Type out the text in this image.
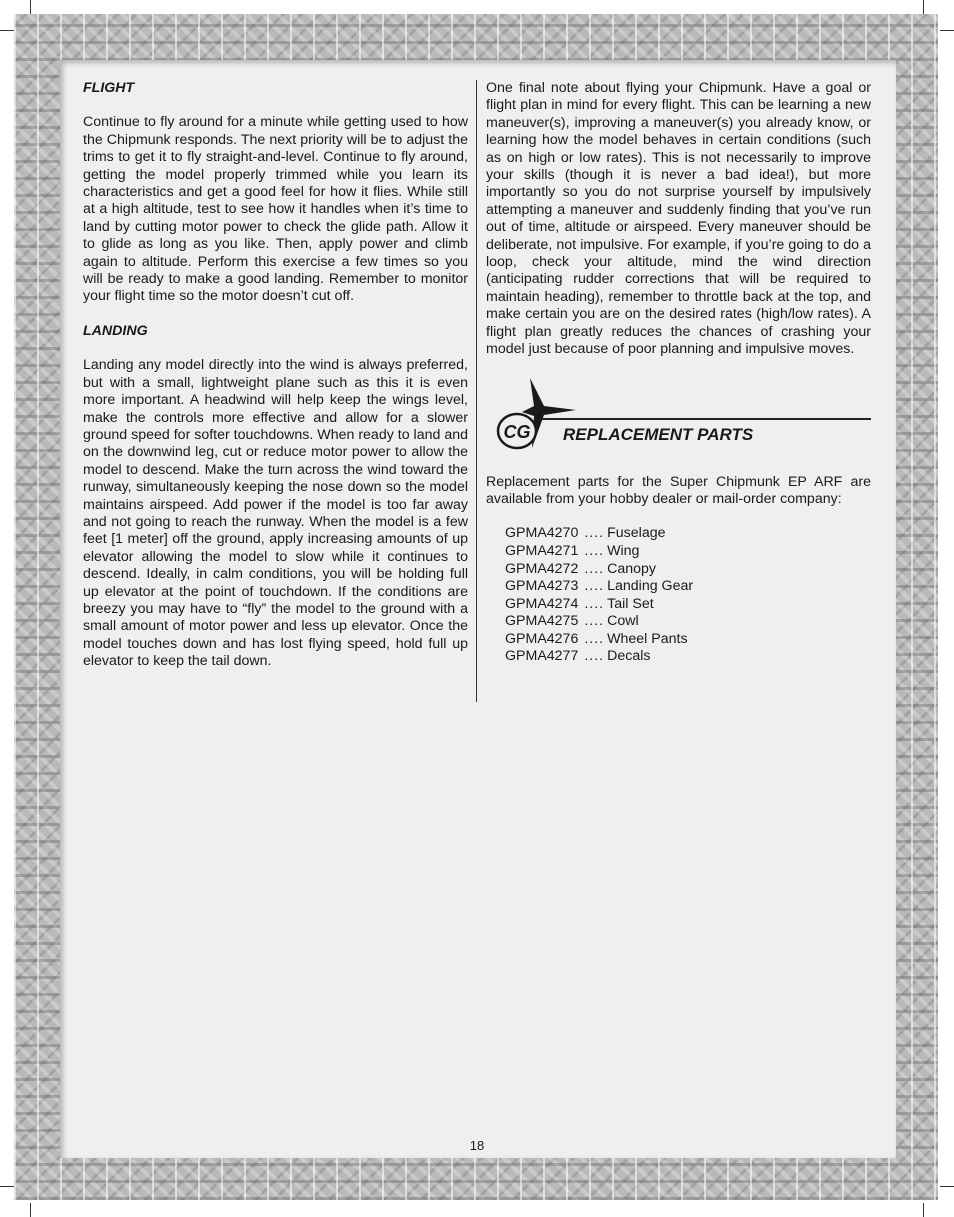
FLIGHT

Continue to fly around for a minute while getting used to how the Chipmunk responds. The next priority will be to adjust the trims to get it to fly straight-and-level. Continue to fly around, getting the model properly trimmed while you learn its characteristics and get a good feel for how it flies. While still at a high altitude, test to see how it handles when it’s time to land by cutting motor power to check the glide path. Allow it to glide as long as you like. Then, apply power and climb again to altitude. Perform this exercise a few times so you will be ready to make a good landing. Remember to monitor your flight time so the motor doesn’t cut off.

LANDING

Landing any model directly into the wind is always preferred, but with a small, lightweight plane such as this it is even more important. A headwind will help keep the wings level, make the controls more effective and allow for a slower ground speed for softer touchdowns. When ready to land and on the downwind leg, cut or reduce motor power to allow the model to descend. Make the turn across the wind toward the runway, simultaneously keeping the nose down so the model maintains airspeed. Add power if the model is too far away and not going to reach the runway. When the model is a few feet [1 meter] off the ground, apply increasing amounts of up elevator allowing the model to slow while it continues to descend. Ideally, in calm conditions, you will be holding full up elevator at the point of touchdown. If the conditions are breezy you may have to “fly” the model to the ground with a small amount of motor power and less up elevator. Once the model touches down and has lost flying speed, hold full up elevator to keep the tail down.

One final note about flying your Chipmunk. Have a goal or flight plan in mind for every flight. This can be learning a new maneuver(s), improving a maneuver(s) you already know, or learning how the model behaves in certain conditions (such as on high or low rates). This is not necessarily to improve your skills (though it is never a bad idea!), but more importantly so you do not surprise yourself by impulsively attempting a maneuver and suddenly finding that you’ve run out of time, altitude or airspeed. Every maneuver should be deliberate, not impulsive. For example, if you’re going to do a loop, check your altitude, mind the wind direction (anticipating rudder corrections that will be required to maintain heading), remember to throttle back at the top, and make certain you are on the desired rates (high/low rates). A flight plan greatly reduces the chances of crashing your model just because of poor planning and impulsive moves.

CG REPLACEMENT PARTS

Replacement parts for the Super Chipmunk EP ARF are available from your hobby dealer or mail-order company:

GPMA4270 .... Fuselage
GPMA4271 .... Wing
GPMA4272 .... Canopy
GPMA4273 .... Landing Gear
GPMA4274 .... Tail Set
GPMA4275 .... Cowl
GPMA4276 .... Wheel Pants
GPMA4277 .... Decals
18
